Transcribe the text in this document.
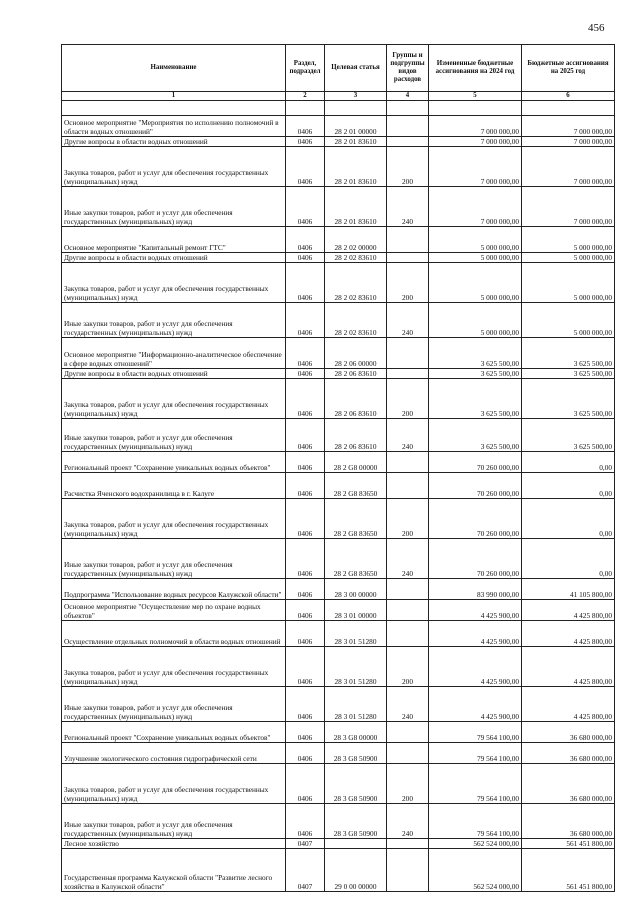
456
Наименование	Раздел, подраздел	Целевая статья	Группы и подгруппы видов расходов	Измененные бюджетные ассигнования на 2024 год	Бюджетные ассигнования на 2025 год
1	2	3	4	5	6

Основное мероприятие "Мероприятия по исполнению полномочий в области водных отношений"	0406	28 2 01 00000		7 000 000,00	7 000 000,00
Другие вопросы в области водных отношений	0406	28 2 01 83610		7 000 000,00	7 000 000,00
Закупка товаров, работ и услуг для обеспечения государственных (муниципальных) нужд	0406	28 2 01 83610	200	7 000 000,00	7 000 000,00
Иные закупки товаров, работ и услуг для обеспечения государственных (муниципальных) нужд	0406	28 2 01 83610	240	7 000 000,00	7 000 000,00
Основное мероприятие "Капитальный ремонт ГТС"	0406	28 2 02 00000		5 000 000,00	5 000 000,00
Другие вопросы в области водных отношений	0406	28 2 02 83610		5 000 000,00	5 000 000,00
Закупка товаров, работ и услуг для обеспечения государственных (муниципальных) нужд	0406	28 2 02 83610	200	5 000 000,00	5 000 000,00
Иные закупки товаров, работ и услуг для обеспечения государственных (муниципальных) нужд	0406	28 2 02 83610	240	5 000 000,00	5 000 000,00
Основное мероприятие "Информационно-аналитическое обеспечение в сфере водных отношений"	0406	28 2 06 00000		3 625 500,00	3 625 500,00
Другие вопросы в области водных отношений	0406	28 2 06 83610		3 625 500,00	3 625 500,00
Закупка товаров, работ и услуг для обеспечения государственных (муниципальных) нужд	0406	28 2 06 83610	200	3 625 500,00	3 625 500,00
Иные закупки товаров, работ и услуг для обеспечения государственных (муниципальных) нужд	0406	28 2 06 83610	240	3 625 500,00	3 625 500,00
Региональный проект "Сохранение уникальных водных объектов"	0406	28 2 G8 00000		70 260 000,00	0,00
Расчистка Яченского водохранилища в г. Калуге	0406	28 2 G8 83650		70 260 000,00	0,00
Закупка товаров, работ и услуг для обеспечения государственных (муниципальных) нужд	0406	28 2 G8 83650	200	70 260 000,00	0,00
Иные закупки товаров, работ и услуг для обеспечения государственных (муниципальных) нужд	0406	28 2 G8 83650	240	70 260 000,00	0,00
Подпрограмма "Использование водных ресурсов Калужской области"	0406	28 3 00 00000		83 990 000,00	41 105 800,00
Основное мероприятие "Осуществление мер по охране водных объектов"	0406	28 3 01 00000		4 425 900,00	4 425 800,00
Осуществление отдельных полномочий в области водных отношений	0406	28 3 01 51280		4 425 900,00	4 425 800,00
Закупка товаров, работ и услуг для обеспечения государственных (муниципальных) нужд	0406	28 3 01 51280	200	4 425 900,00	4 425 800,00
Иные закупки товаров, работ и услуг для обеспечения государственных (муниципальных) нужд	0406	28 3 01 51280	240	4 425 900,00	4 425 800,00
Региональный проект "Сохранение уникальных водных объектов"	0406	28 3 G8 00000		79 564 100,00	36 680 000,00
Улучшение экологического состояния гидрографической сети	0406	28 3 G8 50900		79 564 100,00	36 680 000,00
Закупка товаров, работ и услуг для обеспечения государственных (муниципальных) нужд	0406	28 3 G8 50900	200	79 564 100,00	36 680 000,00
Иные закупки товаров, работ и услуг для обеспечения государственных (муниципальных) нужд	0406	28 3 G8 50900	240	79 564 100,00	36 680 000,00
Лесное хозяйство	0407			562 524 000,00	561 451 800,00
Государственная программа Калужской области "Развитие лесного хозяйства в Калужской области"	0407	29 0 00 00000		562 524 000,00	561 451 800,00
